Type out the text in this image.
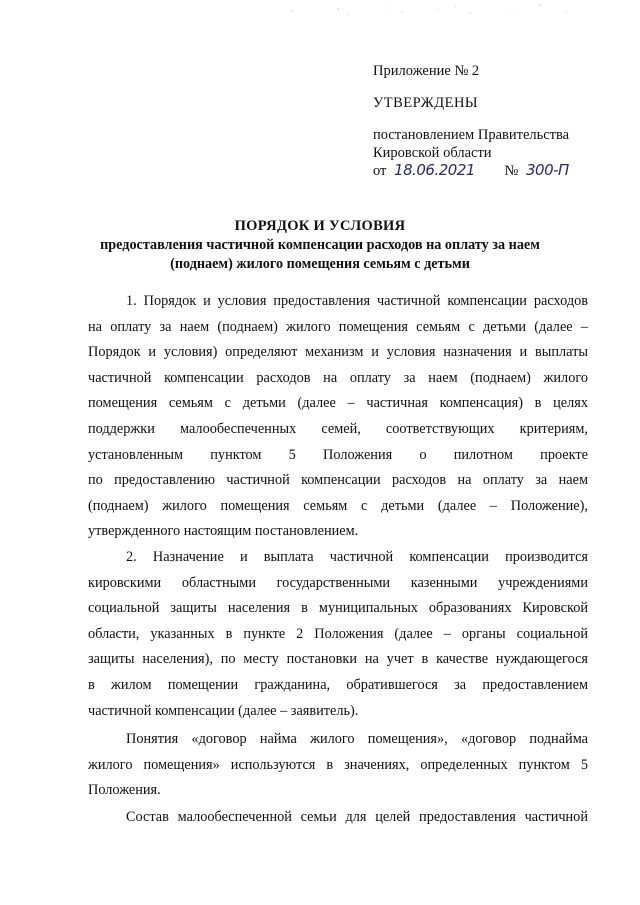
Приложение № 2
УТВЕРЖДЕНЫ
постановлением Правительства
Кировской области
от 18.06.2021 № 300-П
ПОРЯДОК И УСЛОВИЯ
предоставления частичной компенсации расходов на оплату за наем
(поднаем) жилого помещения семьям с детьми
1. Порядок и условия предоставления частичной компенсации расходов
на оплату за наем (поднаем) жилого помещения семьям с детьми (далее –
Порядок и условия) определяют механизм и условия назначения и выплаты
частичной компенсации расходов на оплату за наем (поднаем) жилого
помещения семьям с детьми (далее – частичная компенсация) в целях
поддержки малообеспеченных семей, соответствующих критериям,
установленным пунктом 5 Положения о пилотном проекте
по предоставлению частичной компенсации расходов на оплату за наем
(поднаем) жилого помещения семьям с детьми (далее – Положение),
утвержденного настоящим постановлением.
2. Назначение и выплата частичной компенсации производится
кировскими областными государственными казенными учреждениями
социальной защиты населения в муниципальных образованиях Кировской
области, указанных в пункте 2 Положения (далее – органы социальной
защиты населения), по месту постановки на учет в качестве нуждающегося
в жилом помещении гражданина, обратившегося за предоставлением
частичной компенсации (далее – заявитель).
Понятия «договор найма жилого помещения», «договор поднайма
жилого помещения» используются в значениях, определенных пунктом 5
Положения.
Состав малообеспеченной семьи для целей предоставления частичной
